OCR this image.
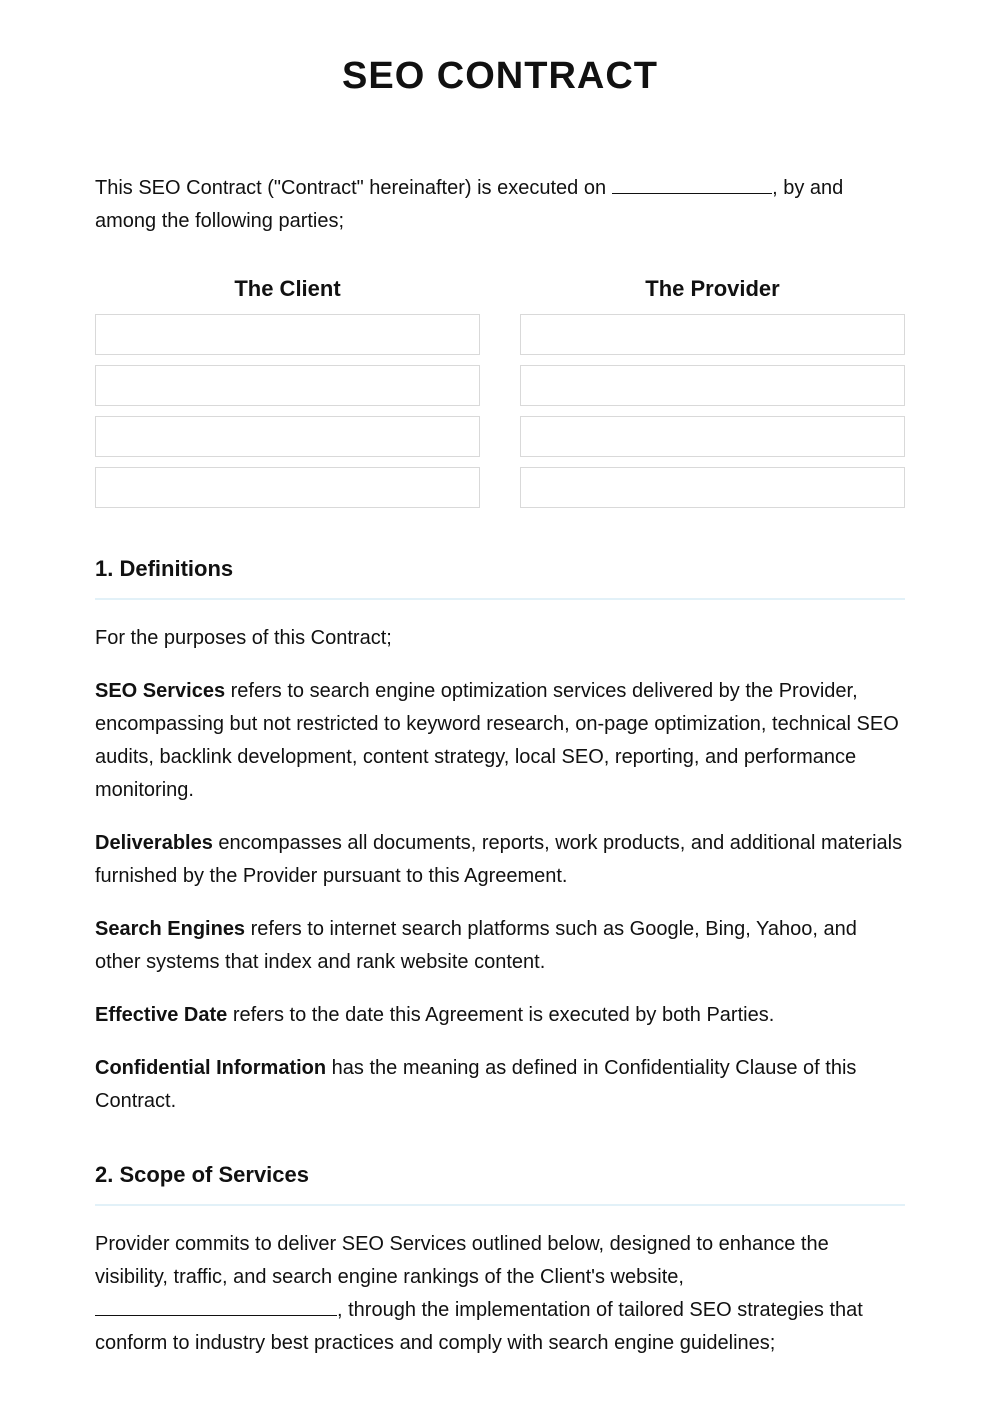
SEO CONTRACT

This SEO Contract ("Contract" hereinafter) is executed on	, by and among the following parties;

The Client	The Provider
1. Definitions

For the purposes of this Contract;

SEO Services refers to search engine optimization services delivered by the Provider, encompassing but not restricted to keyword research, on-page optimization, technical SEO audits, backlink development, content strategy, local SEO, reporting, and performance monitoring.

Deliverables encompasses all documents, reports, work products, and additional materials furnished by the Provider pursuant to this Agreement.

Search Engines refers to internet search platforms such as Google, Bing, Yahoo, and other systems that index and rank website content.

Effective Date refers to the date this Agreement is executed by both Parties.

Confidential Information has the meaning as defined in Confidentiality Clause of this Contract.

2. Scope of Services

Provider commits to deliver SEO Services outlined below, designed to enhance the visibility, traffic, and search engine rankings of the Client's website, , through the implementation of tailored SEO strategies that conform to industry best practices and comply with search engine guidelines;
